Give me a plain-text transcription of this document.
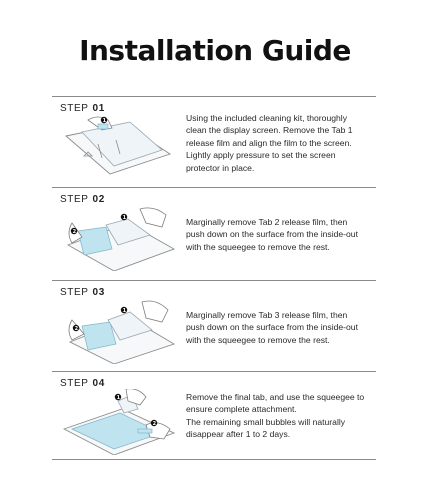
Installation Guide
STEP 01
1	Using the included cleaning kit, thoroughly
clean the display screen. Remove the Tab 1
release film and align the film to the screen.
Lightly apply pressure to set the screen
protector in place.
STEP 02
2
1	Marginally remove Tab 2 release film, then
push down on the surface from the inside-out
with the squeegee to remove the rest.
STEP 03
2
1	Marginally remove Tab 3 release film, then
push down on the surface from the inside-out
with the squeegee to remove the rest.
STEP 04
1
2
Remove the final tab, and use the squeegee to
ensure complete attachment.
The remaining small bubbles will naturally
disappear after 1 to 2 days.
